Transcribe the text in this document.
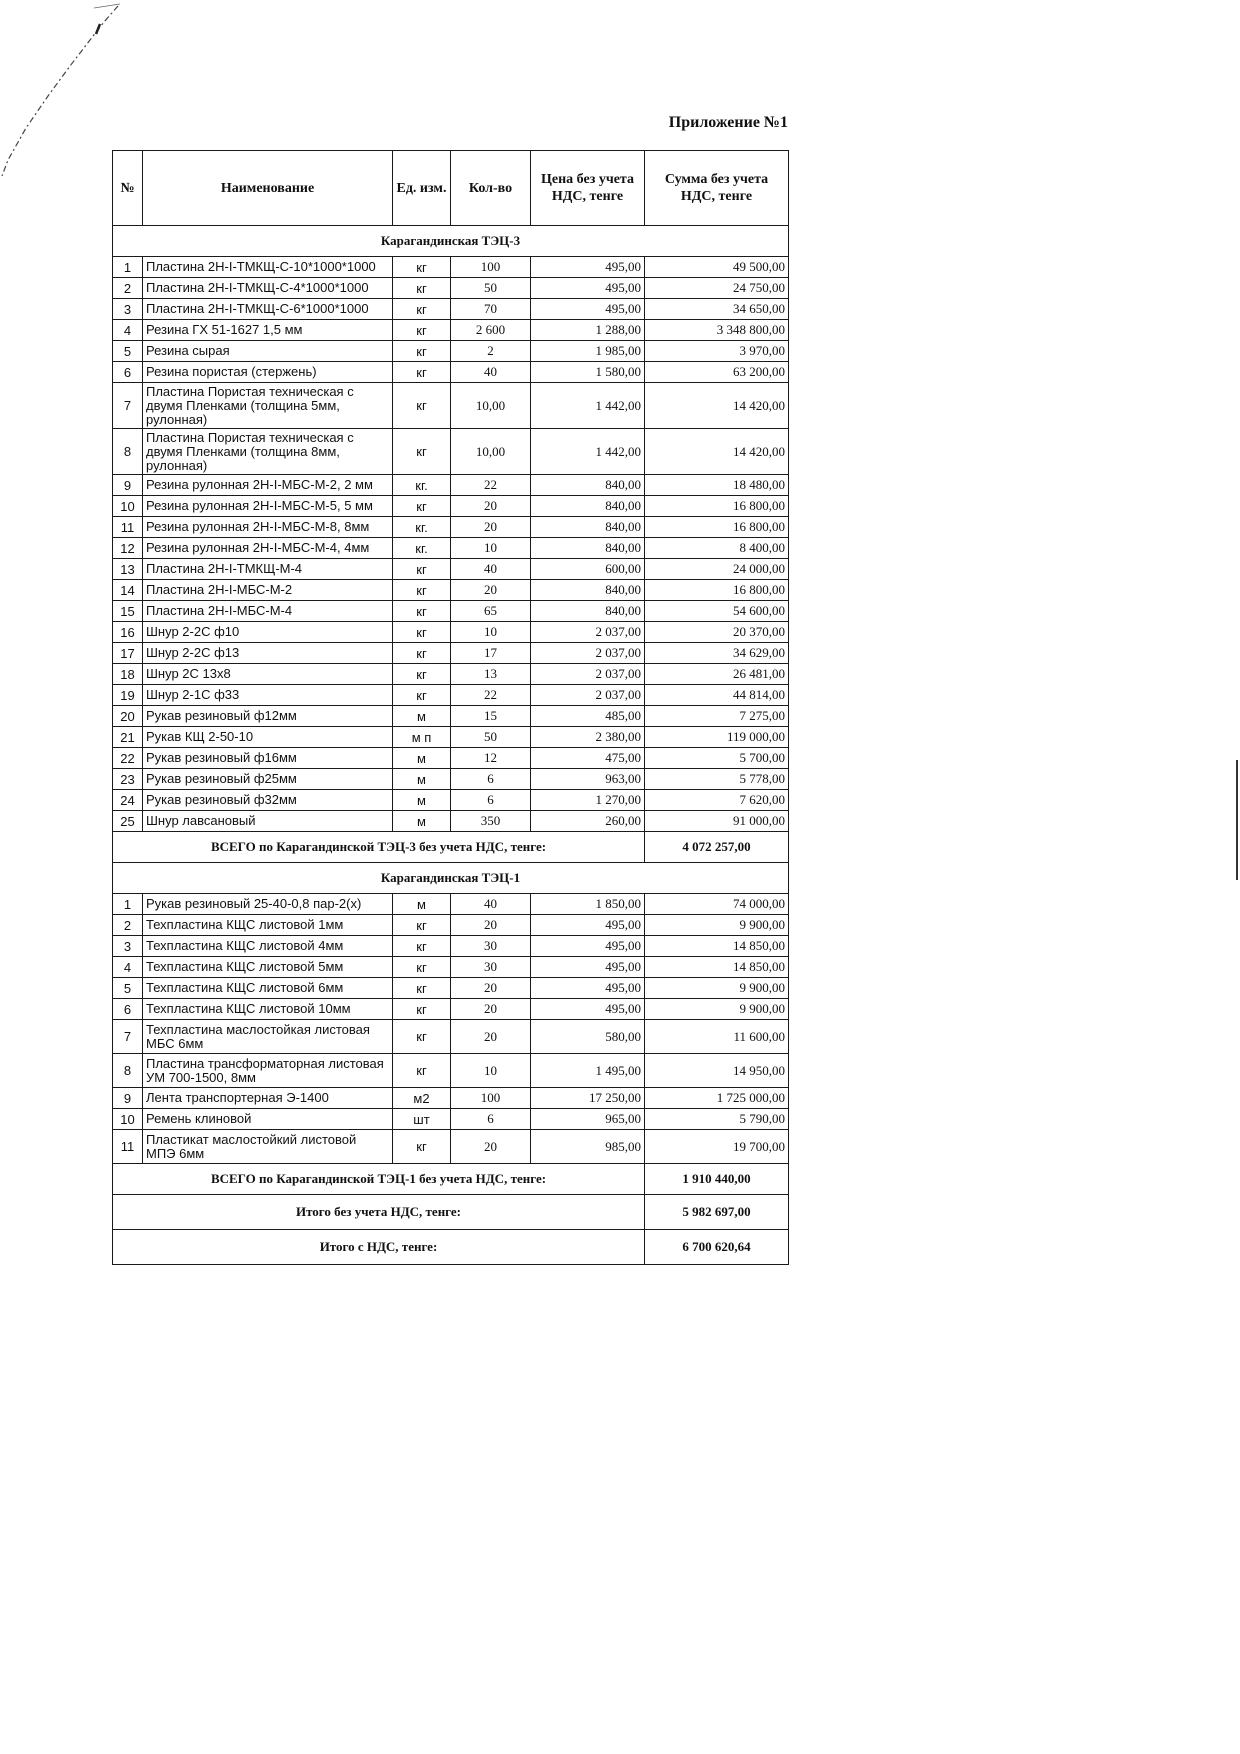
Приложение №1
№	Наименование	Ед. изм.	Кол-во	Цена без учета НДС, тенге	Сумма без учета НДС, тенге
Карагандинская ТЭЦ-3					
1	Пластина 2Н-I-ТМКЩ-С-10*1000*1000	кг	100	495,00	49 500,00
2	Пластина 2Н-I-ТМКЩ-С-4*1000*1000	кг	50	495,00	24 750,00
3	Пластина 2Н-I-ТМКЩ-С-6*1000*1000	кг	70	495,00	34 650,00
4	Резина ГХ 51-1627 1,5 мм	кг	2 600	1 288,00	3 348 800,00
5	Резина сырая	кг	2	1 985,00	3 970,00
6	Резина пористая (стержень)	кг	40	1 580,00	63 200,00
7	Пластина Пористая техническая с двумя Пленками (толщина 5мм, рулонная)	кг	10,00	1 442,00	14 420,00
8	Пластина Пористая техническая с двумя Пленками (толщина 8мм, рулонная)	кг	10,00	1 442,00	14 420,00
9	Резина рулонная 2Н-I-МБС-М-2, 2 мм	кг.	22	840,00	18 480,00
10	Резина рулонная 2Н-I-МБС-М-5, 5 мм	кг	20	840,00	16 800,00
11	Резина рулонная 2Н-I-МБС-М-8, 8мм	кг.	20	840,00	16 800,00
12	Резина рулонная 2Н-I-МБС-М-4, 4мм	кг.	10	840,00	8 400,00
13	Пластина 2Н-I-ТМКЩ-М-4	кг	40	600,00	24 000,00
14	Пластина 2Н-I-МБС-М-2	кг	20	840,00	16 800,00
15	Пластина 2Н-I-МБС-М-4	кг	65	840,00	54 600,00
16	Шнур 2-2С ф10	кг	10	2 037,00	20 370,00
17	Шнур 2-2С ф13	кг	17	2 037,00	34 629,00
18	Шнур 2С 13х8	кг	13	2 037,00	26 481,00
19	Шнур 2-1С ф33	кг	22	2 037,00	44 814,00
20	Рукав резиновый ф12мм	м	15	485,00	7 275,00
21	Рукав КЩ 2-50-10	м п	50	2 380,00	119 000,00
22	Рукав резиновый ф16мм	м	12	475,00	5 700,00
23	Рукав резиновый ф25мм	м	6	963,00	5 778,00
24	Рукав резиновый ф32мм	м	6	1 270,00	7 620,00
25	Шнур лавсановый	м	350	260,00	91 000,00
ВСЕГО по Карагандинской ТЭЦ-3 без учета НДС, тенге:					4 072 257,00
Карагандинская ТЭЦ-1					
1	Рукав резиновый 25-40-0,8 пар-2(х)	м	40	1 850,00	74 000,00
2	Техпластина КЩС листовой 1мм	кг	20	495,00	9 900,00
3	Техпластина КЩС листовой 4мм	кг	30	495,00	14 850,00
4	Техпластина КЩС листовой 5мм	кг	30	495,00	14 850,00
5	Техпластина КЩС листовой 6мм	кг	20	495,00	9 900,00
6	Техпластина КЩС листовой 10мм	кг	20	495,00	9 900,00
7	Техпластина маслостойкая листовая МБС 6мм	кг	20	580,00	11 600,00
8	Пластина трансформаторная листовая УМ 700-1500, 8мм	кг	10	1 495,00	14 950,00
9	Лента транспортерная Э-1400	м2	100	17 250,00	1 725 000,00
10	Ремень клиновой	шт	6	965,00	5 790,00
11	Пластикат маслостойкий листовой МПЭ 6мм	кг	20	985,00	19 700,00
ВСЕГО по Карагандинской ТЭЦ-1 без учета НДС, тенге:					1 910 440,00
Итого без учета НДС, тенге:					5 982 697,00
Итого с НДС, тенге:					6 700 620,64
